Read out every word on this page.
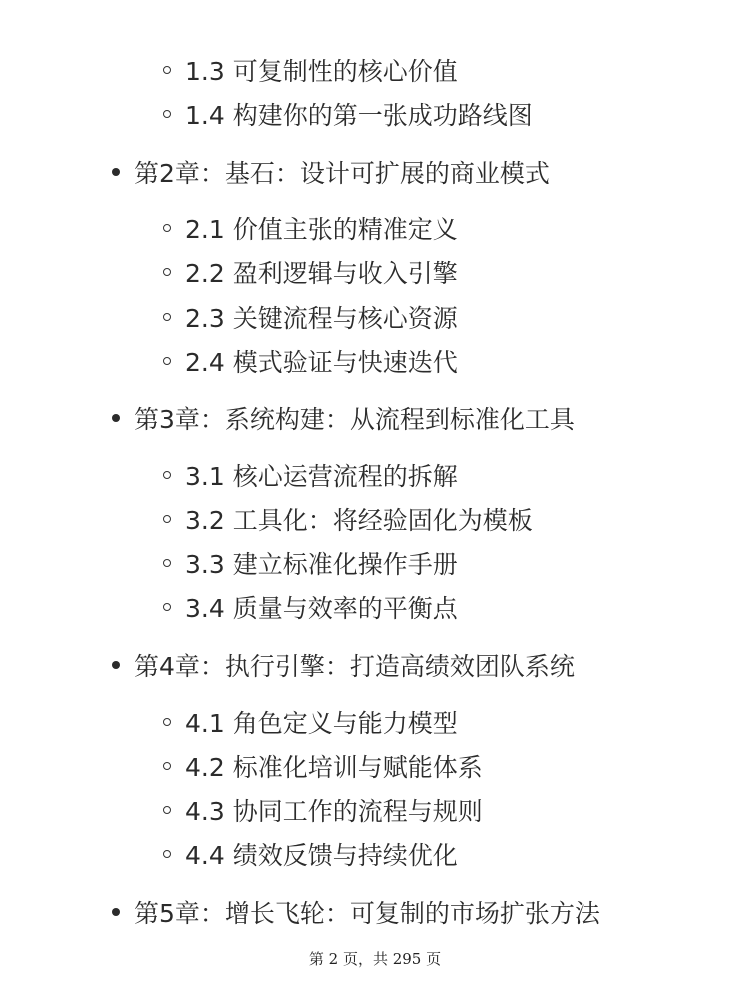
1.3 可复制性的核心价值
1.4 构建你的第一张成功路线图
第2章：基石：设计可扩展的商业模式
2.1 价值主张的精准定义
2.2 盈利逻辑与收入引擎
2.3 关键流程与核心资源
2.4 模式验证与快速迭代
第3章：系统构建：从流程到标准化工具
3.1 核心运营流程的拆解
3.2 工具化：将经验固化为模板
3.3 建立标准化操作手册
3.4 质量与效率的平衡点
第4章：执行引擎：打造高绩效团队系统
4.1 角色定义与能力模型
4.2 标准化培训与赋能体系
4.3 协同工作的流程与规则
4.4 绩效反馈与持续优化
第5章：增长飞轮：可复制的市场扩张方法
第 2 页，共 295 页
